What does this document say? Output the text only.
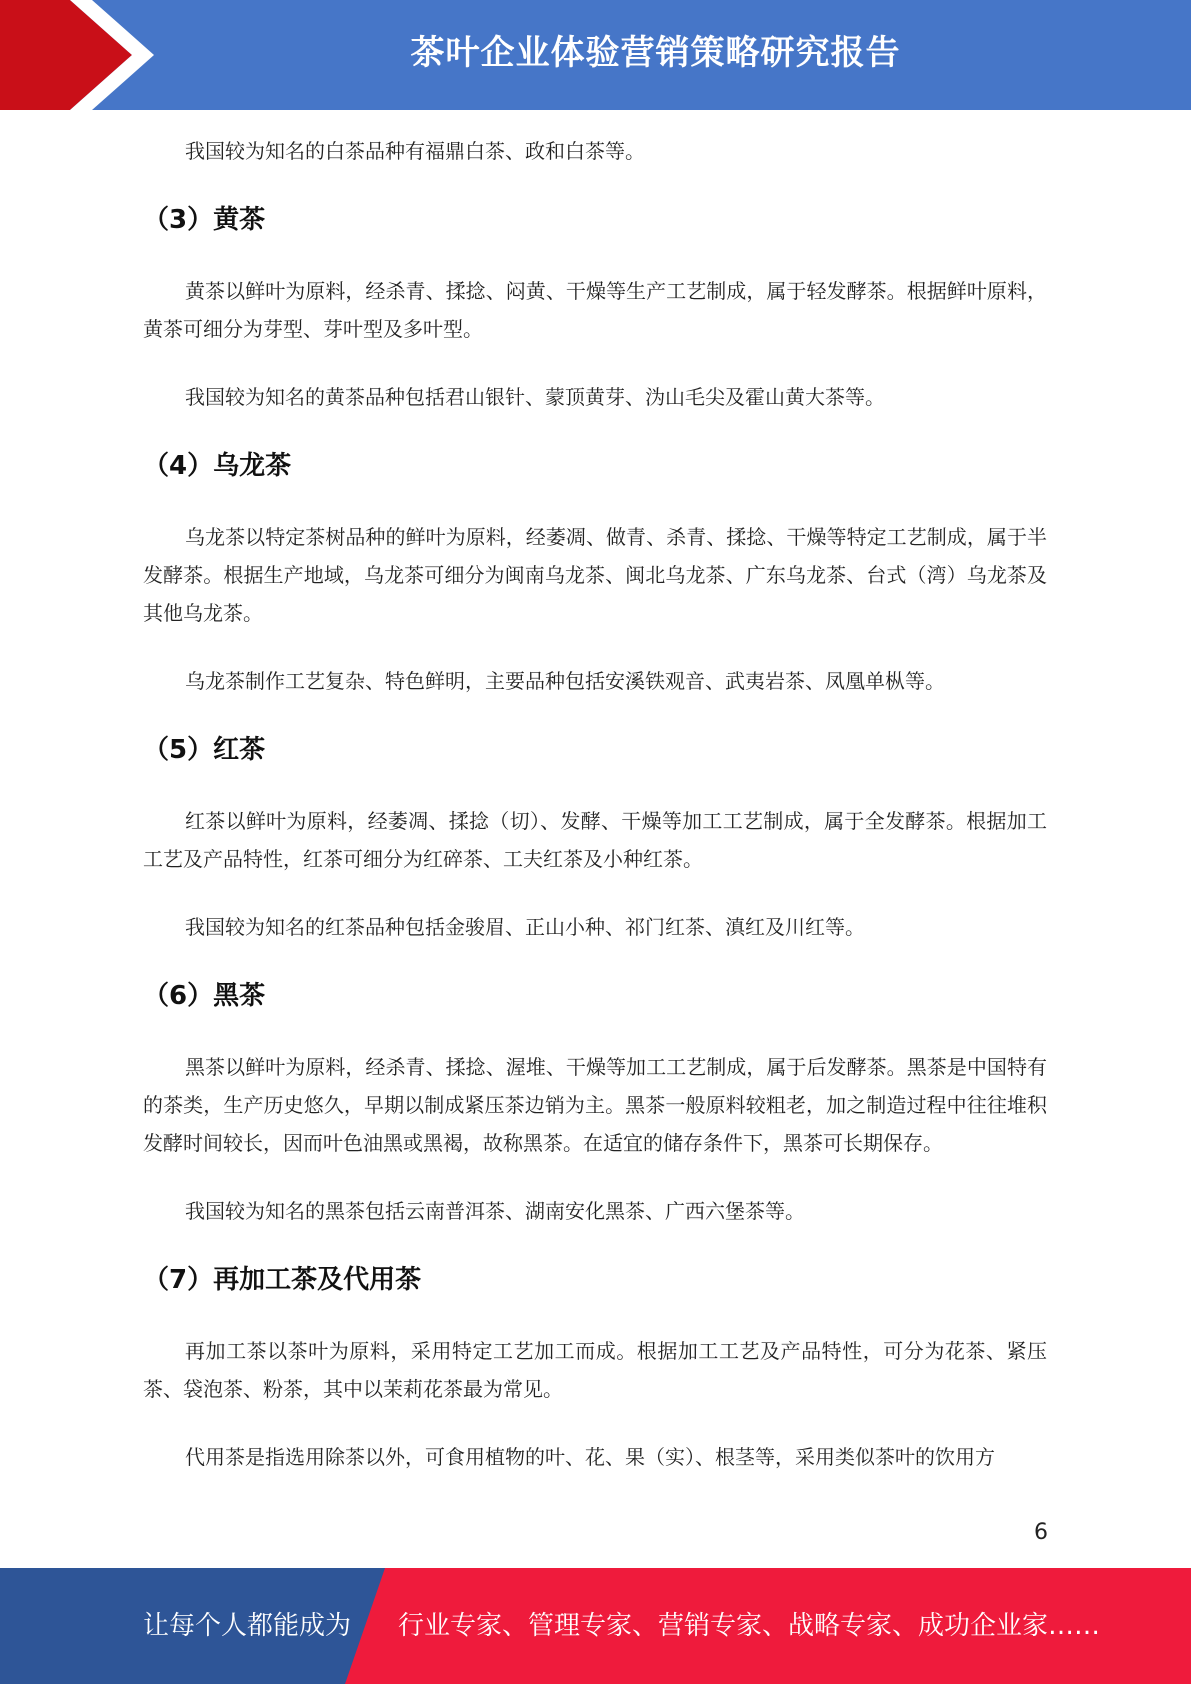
茶叶企业体验营销策略研究报告

我国较为知名的白茶品种有福鼎白茶、政和白茶等。

（3）黄茶

黄茶以鲜叶为原料，经杀青、揉捻、闷黄、干燥等生产工艺制成，属于轻发酵茶。根据鲜叶原料，黄茶可细分为芽型、芽叶型及多叶型。

我国较为知名的黄茶品种包括君山银针、蒙顶黄芽、沩山毛尖及霍山黄大茶等。

（4）乌龙茶

乌龙茶以特定茶树品种的鲜叶为原料，经萎凋、做青、杀青、揉捻、干燥等特定工艺制成，属于半发酵茶。根据生产地域，乌龙茶可细分为闽南乌龙茶、闽北乌龙茶、广东乌龙茶、台式（湾）乌龙茶及其他乌龙茶。

乌龙茶制作工艺复杂、特色鲜明，主要品种包括安溪铁观音、武夷岩茶、凤凰单枞等。

（5）红茶

红茶以鲜叶为原料，经萎凋、揉捻（切）、发酵、干燥等加工工艺制成，属于全发酵茶。根据加工工艺及产品特性，红茶可细分为红碎茶、工夫红茶及小种红茶。

我国较为知名的红茶品种包括金骏眉、正山小种、祁门红茶、滇红及川红等。

（6）黑茶

黑茶以鲜叶为原料，经杀青、揉捻、渥堆、干燥等加工工艺制成，属于后发酵茶。黑茶是中国特有的茶类，生产历史悠久，早期以制成紧压茶边销为主。黑茶一般原料较粗老，加之制造过程中往往堆积发酵时间较长，因而叶色油黑或黑褐，故称黑茶。在适宜的储存条件下，黑茶可长期保存。

我国较为知名的黑茶包括云南普洱茶、湖南安化黑茶、广西六堡茶等。

（7）再加工茶及代用茶

再加工茶以茶叶为原料，采用特定工艺加工而成。根据加工工艺及产品特性，可分为花茶、紧压茶、袋泡茶、粉茶，其中以茉莉花茶最为常见。

代用茶是指选用除茶以外，可食用植物的叶、花、果（实）、根茎等，采用类似茶叶的饮用方

6
让每个人都能成为 行业专家、管理专家、营销专家、战略专家、成功企业家……
